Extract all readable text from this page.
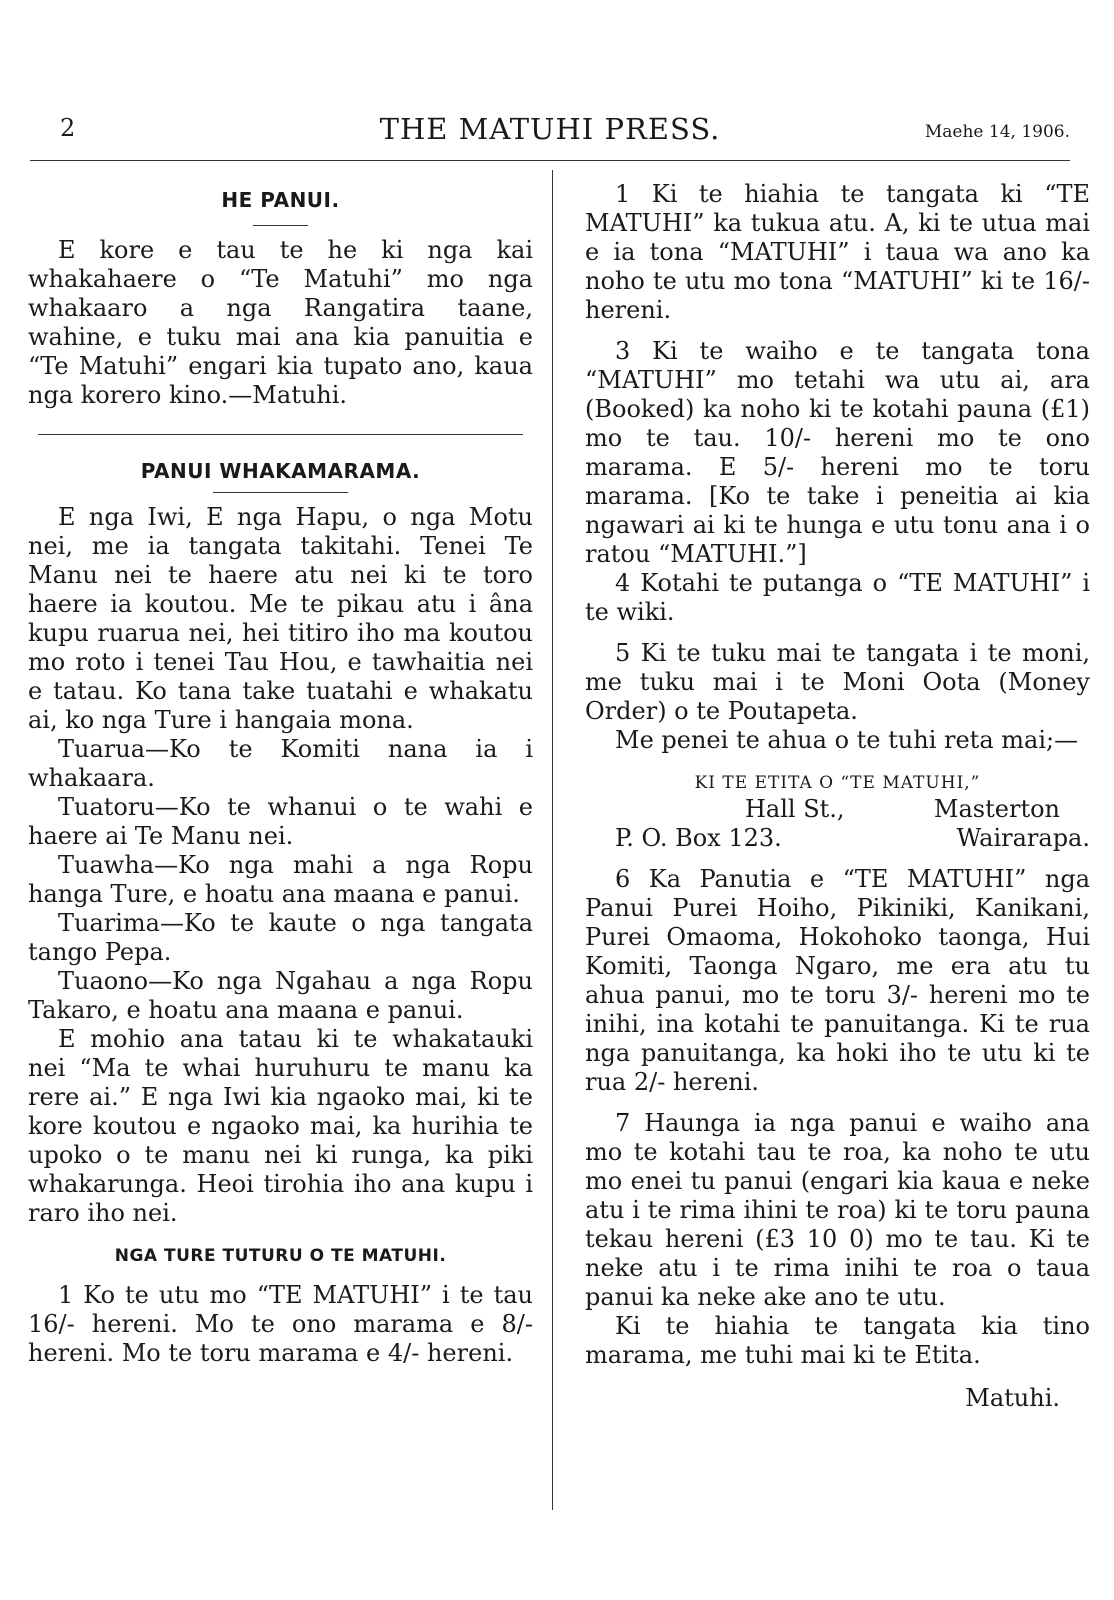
2	THE MATUHI PRESS.	Maehe 14, 1906.
HE PANUI.

E kore e tau te he ki nga kai whakahaere o “Te Matuhi” mo nga whakaaro a nga Rangatira taane, wahine, e tuku mai ana kia panuitia e “Te Matuhi” engari kia tupato ano, kaua nga korero kino.—Matuhi.

PANUI WHAKAMARAMA.

E nga Iwi, E nga Hapu, o nga Motu nei, me ia tangata takitahi. Tenei Te Manu nei te haere atu nei ki te toro haere ia koutou. Me te pikau atu i âna kupu ruarua nei, hei titiro iho ma koutou mo roto i tenei Tau Hou, e tawhaitia nei e tatau. Ko tana take tuatahi e whakatu ai, ko nga Ture i hangaia mona.

Tuarua—Ko te Komiti nana ia i whakaara.

Tuatoru—Ko te whanui o te wahi e haere ai Te Manu nei.

Tuawha—Ko nga mahi a nga Ropu hanga Ture, e hoatu ana maana e panui.

Tuarima—Ko te kaute o nga tangata tango Pepa.

Tuaono—Ko nga Ngahau a nga Ropu Takaro, e hoatu ana maana e panui.

E mohio ana tatau ki te whakatauki nei “Ma te whai huruhuru te manu ka rere ai.” E nga Iwi kia ngaoko mai, ki te kore koutou e ngaoko mai, ka hurihia te upoko o te manu nei ki runga, ka piki whakarunga. Heoi tirohia iho ana kupu i raro iho nei.

NGA TURE TUTURU O TE MATUHI.

1 Ko te utu mo “TE MATUHI” i te tau 16/- hereni. Mo te ono marama e 8/- hereni. Mo te toru marama e 4/- hereni.

1 Ki te hiahia te tangata ki “TE MATUHI” ka tukua atu. A, ki te utua mai e ia tona “MATUHI” i taua wa ano ka noho te utu mo tona “MATUHI” ki te 16/- hereni.

3 Ki te waiho e te tangata tona “MATUHI” mo tetahi wa utu ai, ara (Booked) ka noho ki te kotahi pauna (£1) mo te tau. 10/- hereni mo te ono marama. E 5/- hereni mo te toru marama. [Ko te take i peneitia ai kia ngawari ai ki te hunga e utu tonu ana i o ratou “MATUHI.”]

4 Kotahi te putanga o “TE MATUHI” i te wiki.

5 Ki te tuku mai te tangata i te moni, me tuku mai i te Moni Oota (Money Order) o te Poutapeta.

Me penei te ahua o te tuhi reta mai;—

KI TE ETITA O “TE MATUHI,”
Hall St.,	Masterton
P. O. Box 123.	Wairarapa.

6 Ka Panutia e “TE MATUHI” nga Panui Purei Hoiho, Pikiniki, Kanikani, Purei Omaoma, Hokohoko taonga, Hui Komiti, Taonga Ngaro, me era atu tu ahua panui, mo te toru 3/- hereni mo te inihi, ina kotahi te panuitanga. Ki te rua nga panuitanga, ka hoki iho te utu ki te rua 2/- hereni.

7 Haunga ia nga panui e waiho ana mo te kotahi tau te roa, ka noho te utu mo enei tu panui (engari kia kaua e neke atu i te rima ihini te roa) ki te toru pauna tekau hereni (£3 10 0) mo te tau. Ki te neke atu i te rima inihi te roa o taua panui ka neke ake ano te utu.

Ki te hiahia te tangata kia tino marama, me tuhi mai ki te Etita.

Matuhi.
